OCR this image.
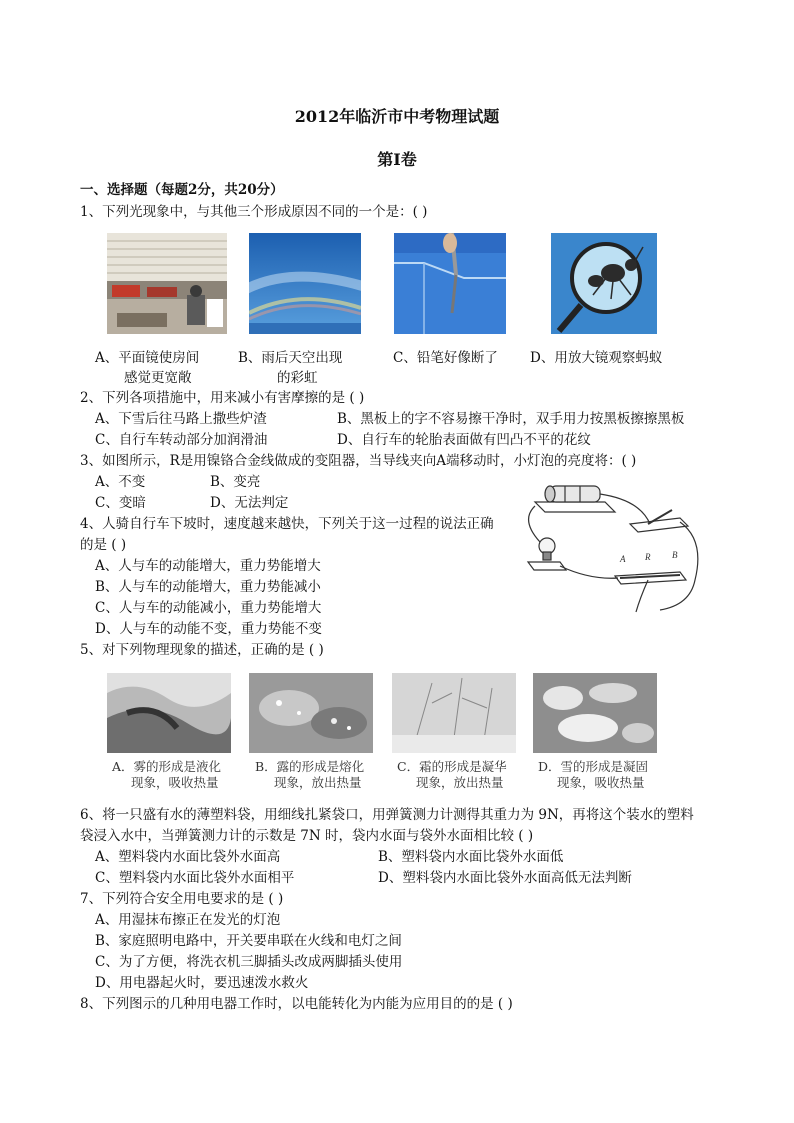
2012年临沂市中考物理试题
第Ⅰ卷
一、选择题（每题2分，共20分）
1、下列光现象中，与其他三个形成原因不同的一个是：( )
A、平面镜使房间
感觉更宽敞
B、雨后天空出现
的彩虹
C、铅笔好像断了 D、用放大镜观察蚂蚁
2、下列各项措施中，用来减小有害摩擦的是 ( )
A、下雪后往马路上撒些炉渣	B、黑板上的字不容易擦干净时，双手用力按黑板擦擦黑板
C、自行车转动部分加润滑油	D、自行车的轮胎表面做有凹凸不平的花纹
3、如图所示，R是用镍铬合金线做成的变阻器，当导线夹向A端移动时，小灯泡的亮度将：( )
A、不变	B、变亮
C、变暗	D、无法判定
A R B
4、人骑自行车下坡时，速度越来越快，下列关于这一过程的说法正确
的是 ( )
A、人与车的动能增大，重力势能增大
B、人与车的动能增大，重力势能减小
C、人与车的动能减小，重力势能增大
D、人与车的动能不变，重力势能不变
5、对下列物理现象的描述，正确的是 ( )
A．雾的形成是液化
现象，吸收热量
B．露的形成是熔化
现象，放出热量
C．霜的形成是凝华
现象，放出热量
D．雪的形成是凝固
现象，吸收热量
6、将一只盛有水的薄塑料袋，用细线扎紧袋口，用弹簧测力计测得其重力为 9N，再将这个装水的塑料
袋浸入水中，当弹簧测力计的示数是 7N 时，袋内水面与袋外水面相比较 ( )
A、塑料袋内水面比袋外水面高	B、塑料袋内水面比袋外水面低
C、塑料袋内水面比袋外水面相平	D、塑料袋内水面比袋外水面高低无法判断
7、下列符合安全用电要求的是 ( )
A、用湿抹布擦正在发光的灯泡
B、家庭照明电路中，开关要串联在火线和电灯之间
C、为了方便，将洗衣机三脚插头改成两脚插头使用
D、用电器起火时，要迅速泼水救火
8、下列图示的几种用电器工作时，以电能转化为内能为应用目的的是 ( )
